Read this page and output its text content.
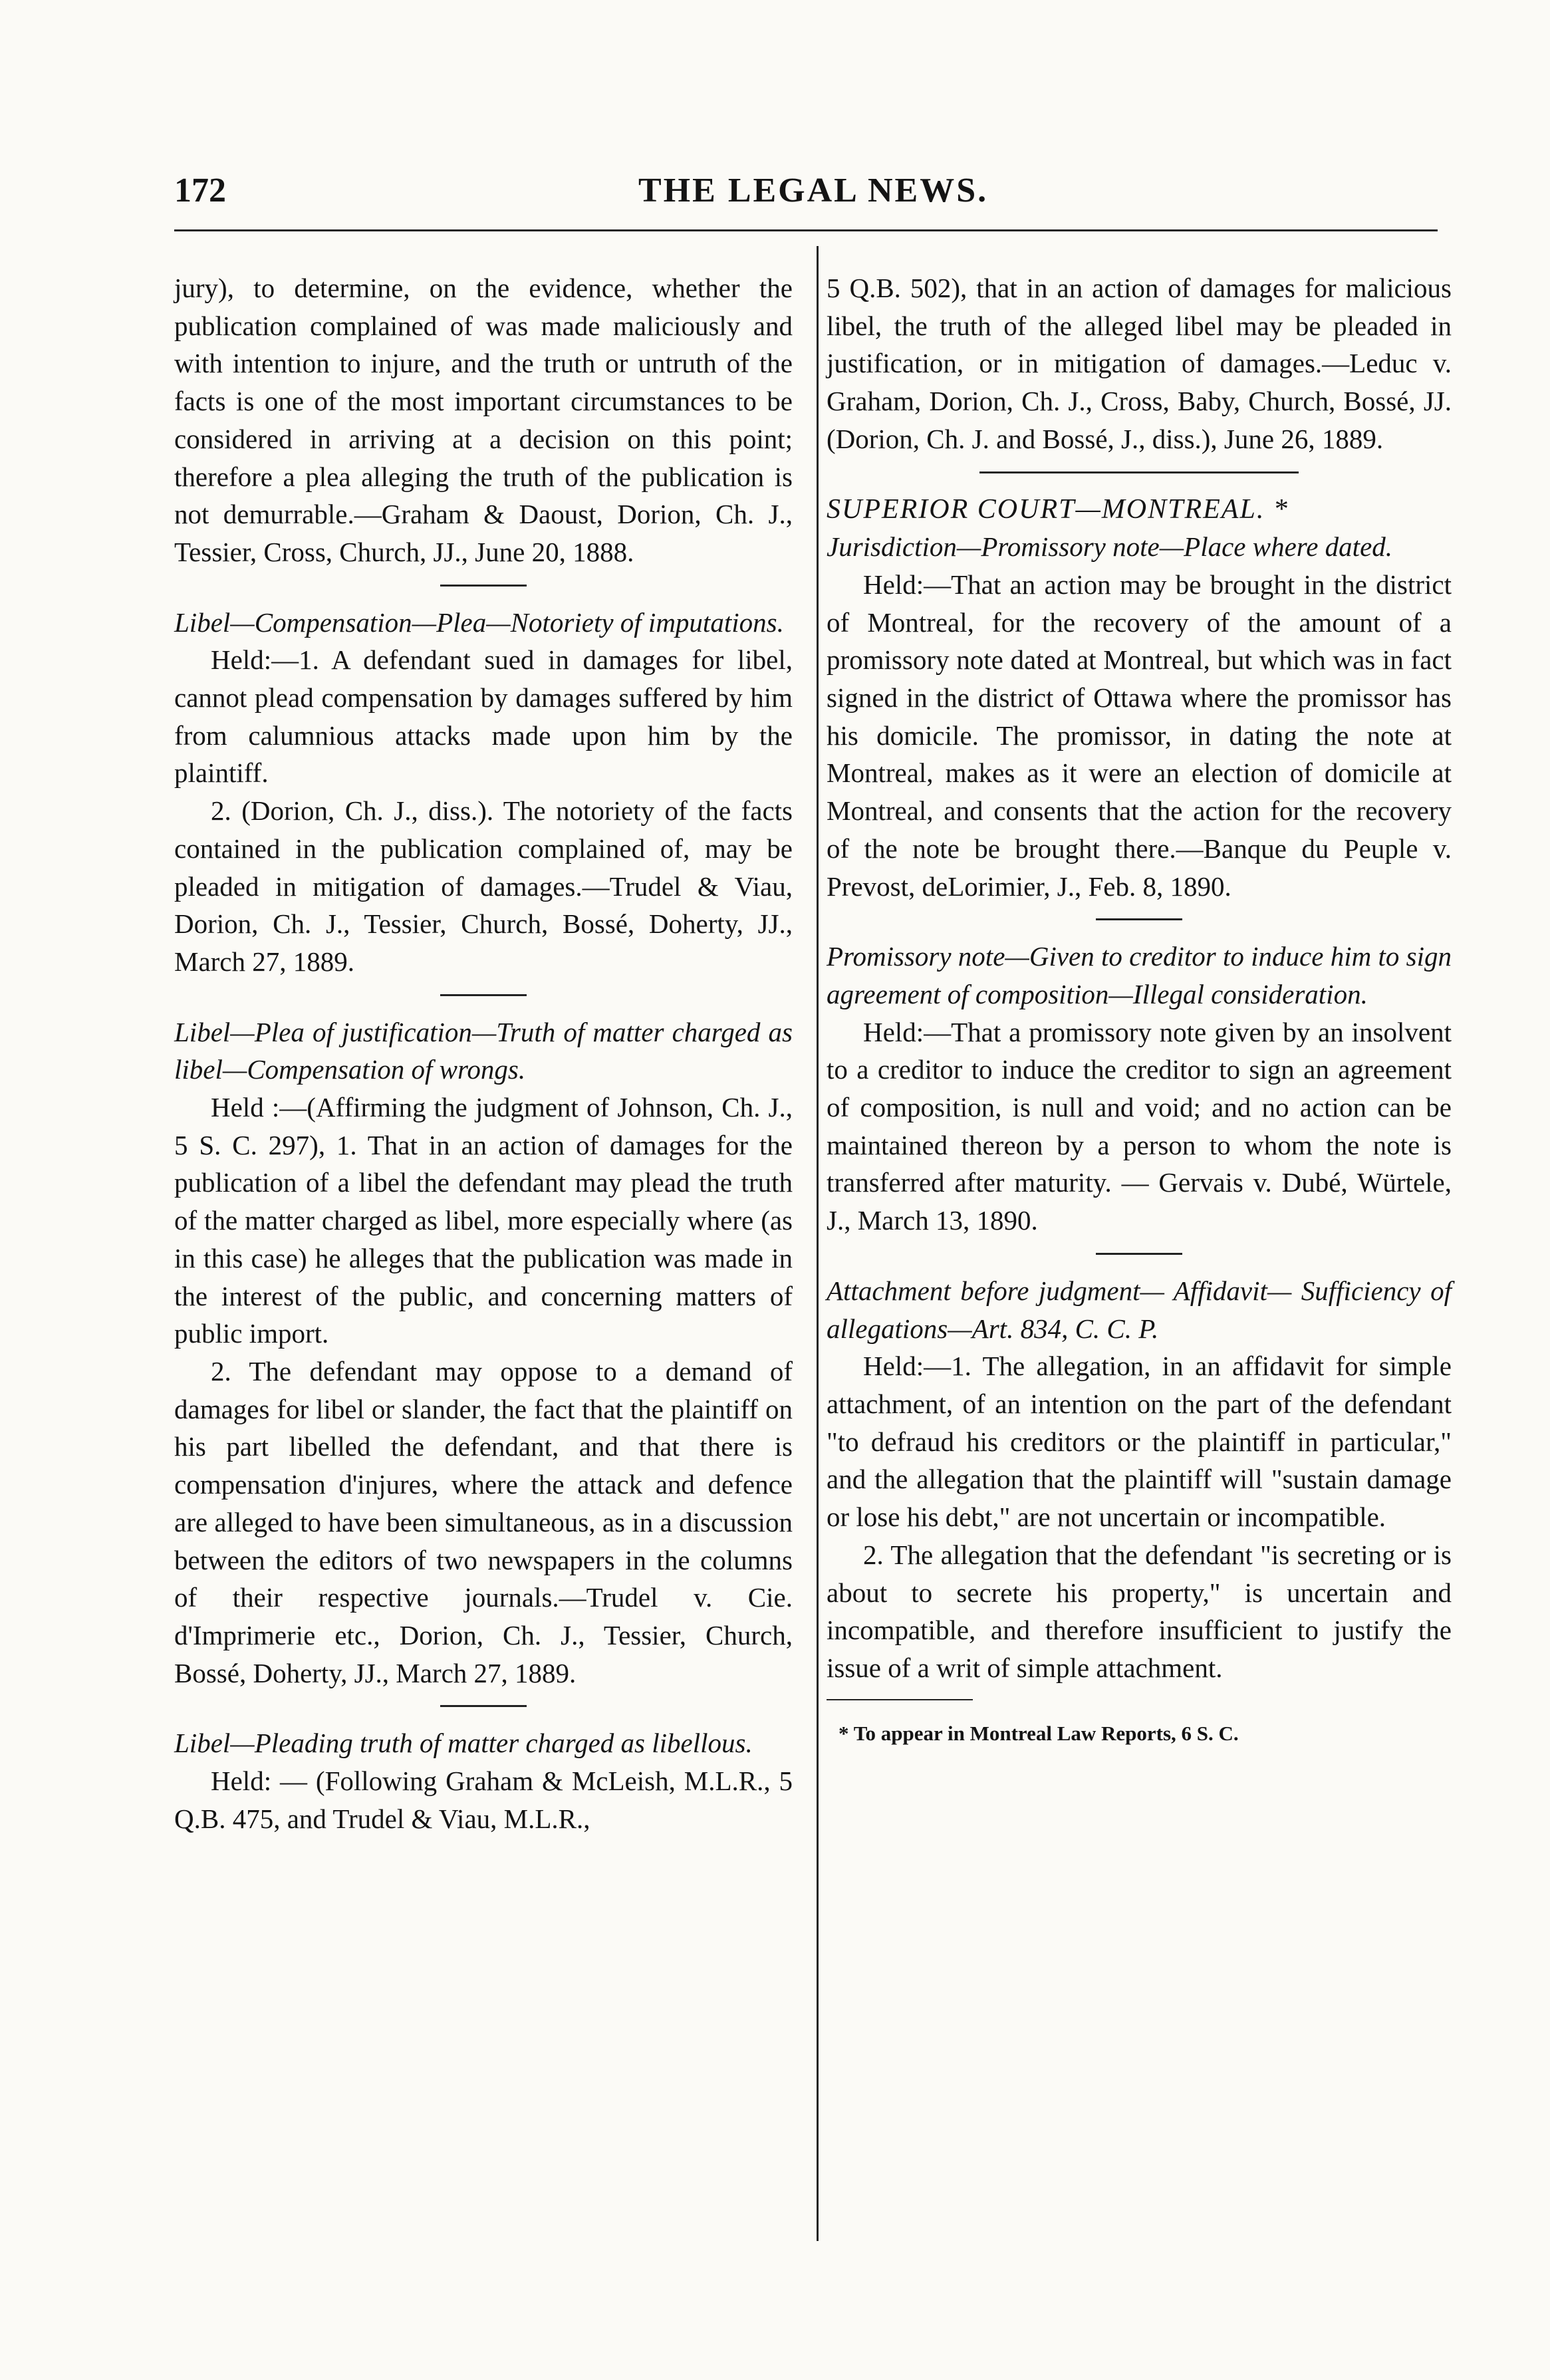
172	THE LEGAL NEWS.

jury), to determine, on the evidence, whether the publication complained of was made maliciously and with intention to injure, and the truth or untruth of the facts is one of the most important circumstances to be considered in arriving at a decision on this point; therefore a plea alleging the truth of the publication is not demurrable.—Graham & Daoust, Dorion, Ch. J., Tessier, Cross, Church, JJ., June 20, 1888.

Libel—Compensation—Plea—Notoriety of imputations.

Held:—1. A defendant sued in damages for libel, cannot plead compensation by damages suffered by him from calumnious attacks made upon him by the plaintiff.

2. (Dorion, Ch. J., diss.). The notoriety of the facts contained in the publication complained of, may be pleaded in mitigation of damages.—Trudel & Viau, Dorion, Ch. J., Tessier, Church, Bossé, Doherty, JJ., March 27, 1889.

Libel—Plea of justification—Truth of matter charged as libel—Compensation of wrongs.

Held :—(Affirming the judgment of Johnson, Ch. J., 5 S. C. 297), 1. That in an action of damages for the publication of a libel the defendant may plead the truth of the matter charged as libel, more especially where (as in this case) he alleges that the publication was made in the interest of the public, and concerning matters of public import.

2. The defendant may oppose to a demand of damages for libel or slander, the fact that the plaintiff on his part libelled the defendant, and that there is compensation d'injures, where the attack and defence are alleged to have been simultaneous, as in a discussion between the editors of two newspapers in the columns of their respective journals.—Trudel v. Cie. d'Imprimerie etc., Dorion, Ch. J., Tessier, Church, Bossé, Doherty, JJ., March 27, 1889.

Libel—Pleading truth of matter charged as libellous.

Held: — (Following Graham & McLeish, M.L.R., 5 Q.B. 475, and Trudel & Viau, M.L.R.,

5 Q.B. 502), that in an action of damages for malicious libel, the truth of the alleged libel may be pleaded in justification, or in mitigation of damages.—Leduc v. Graham, Dorion, Ch. J., Cross, Baby, Church, Bossé, JJ. (Dorion, Ch. J. and Bossé, J., diss.), June 26, 1889.

SUPERIOR COURT—MONTREAL. *

Jurisdiction—Promissory note—Place where dated.

Held:—That an action may be brought in the district of Montreal, for the recovery of the amount of a promissory note dated at Montreal, but which was in fact signed in the district of Ottawa where the promissor has his domicile. The promissor, in dating the note at Montreal, makes as it were an election of domicile at Montreal, and consents that the action for the recovery of the note be brought there.—Banque du Peuple v. Prevost, deLorimier, J., Feb. 8, 1890.

Promissory note—Given to creditor to induce him to sign agreement of composition—Illegal consideration.

Held:—That a promissory note given by an insolvent to a creditor to induce the creditor to sign an agreement of composition, is null and void; and no action can be maintained thereon by a person to whom the note is transferred after maturity. — Gervais v. Dubé, Würtele, J., March 13, 1890.

Attachment before judgment— Affidavit— Sufficiency of allegations—Art. 834, C. C. P.

Held:—1. The allegation, in an affidavit for simple attachment, of an intention on the part of the defendant "to defraud his creditors or the plaintiff in particular," and the allegation that the plaintiff will "sustain damage or lose his debt," are not uncertain or incompatible.

2. The allegation that the defendant "is secreting or is about to secrete his property," is uncertain and incompatible, and therefore insufficient to justify the issue of a writ of simple attachment.

* To appear in Montreal Law Reports, 6 S. C.
